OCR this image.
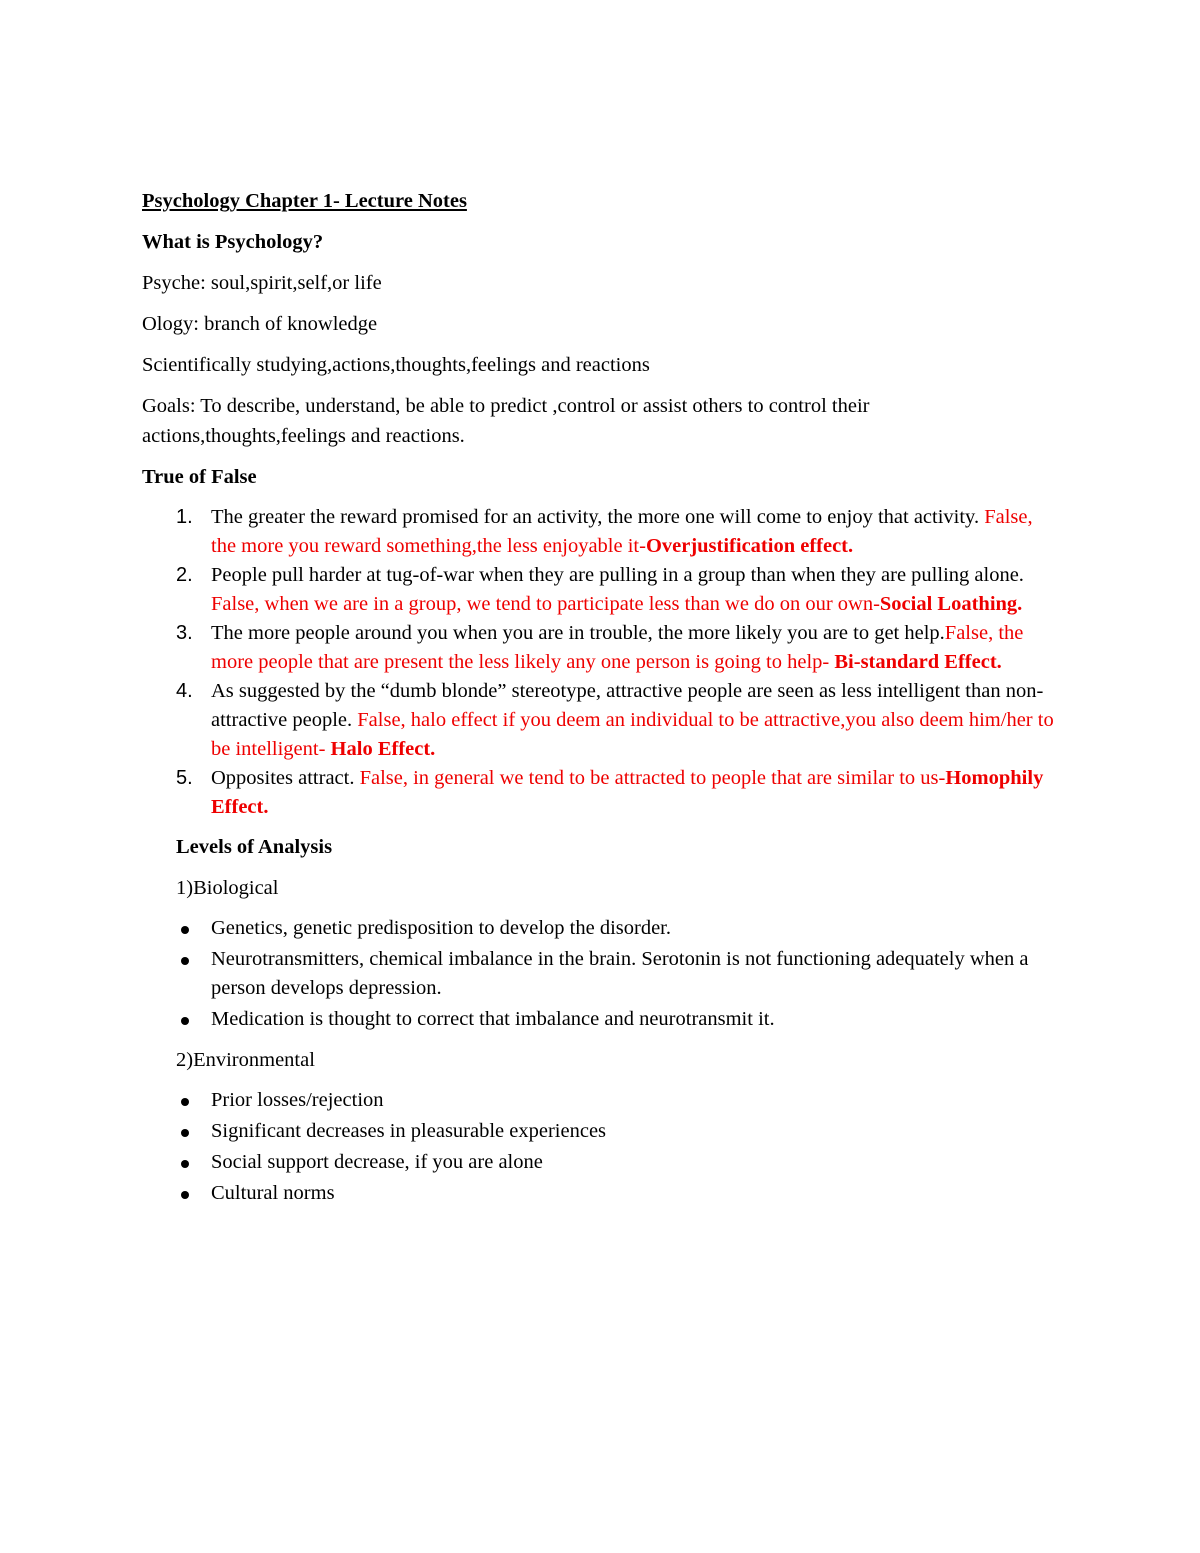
Psychology Chapter 1- Lecture Notes
What is Psychology?
Psyche: soul,spirit,self,or life
Ology: branch of knowledge
Scientifically studying,actions,thoughts,feelings and reactions
Goals: To describe, understand, be able to predict ,control or assist others to control their actions,thoughts,feelings and reactions.
True of False
1. The greater the reward promised for an activity, the more one will come to enjoy that activity. False, the more you reward something,the less enjoyable it-Overjustification effect.
2. People pull harder at tug-of-war when they are pulling in a group than when they are pulling alone. False, when we are in a group, we tend to participate less than we do on our own-Social Loathing.
3. The more people around you when you are in trouble, the more likely you are to get help.False, the more people that are present the less likely any one person is going to help- Bi-standard Effect.
4. As suggested by the “dumb blonde” stereotype, attractive people are seen as less intelligent than non-attractive people. False, halo effect if you deem an individual to be attractive,you also deem him/her to be intelligent- Halo Effect.
5. Opposites attract. False, in general we tend to be attracted to people that are similar to us-Homophily Effect.
Levels of Analysis
1)Biological
Genetics, genetic predisposition to develop the disorder.
Neurotransmitters, chemical imbalance in the brain. Serotonin is not functioning adequately when a person develops depression.
Medication is thought to correct that imbalance and neurotransmit it.
2)Environmental
Prior losses/rejection
Significant decreases in pleasurable experiences
Social support decrease, if you are alone
Cultural norms
